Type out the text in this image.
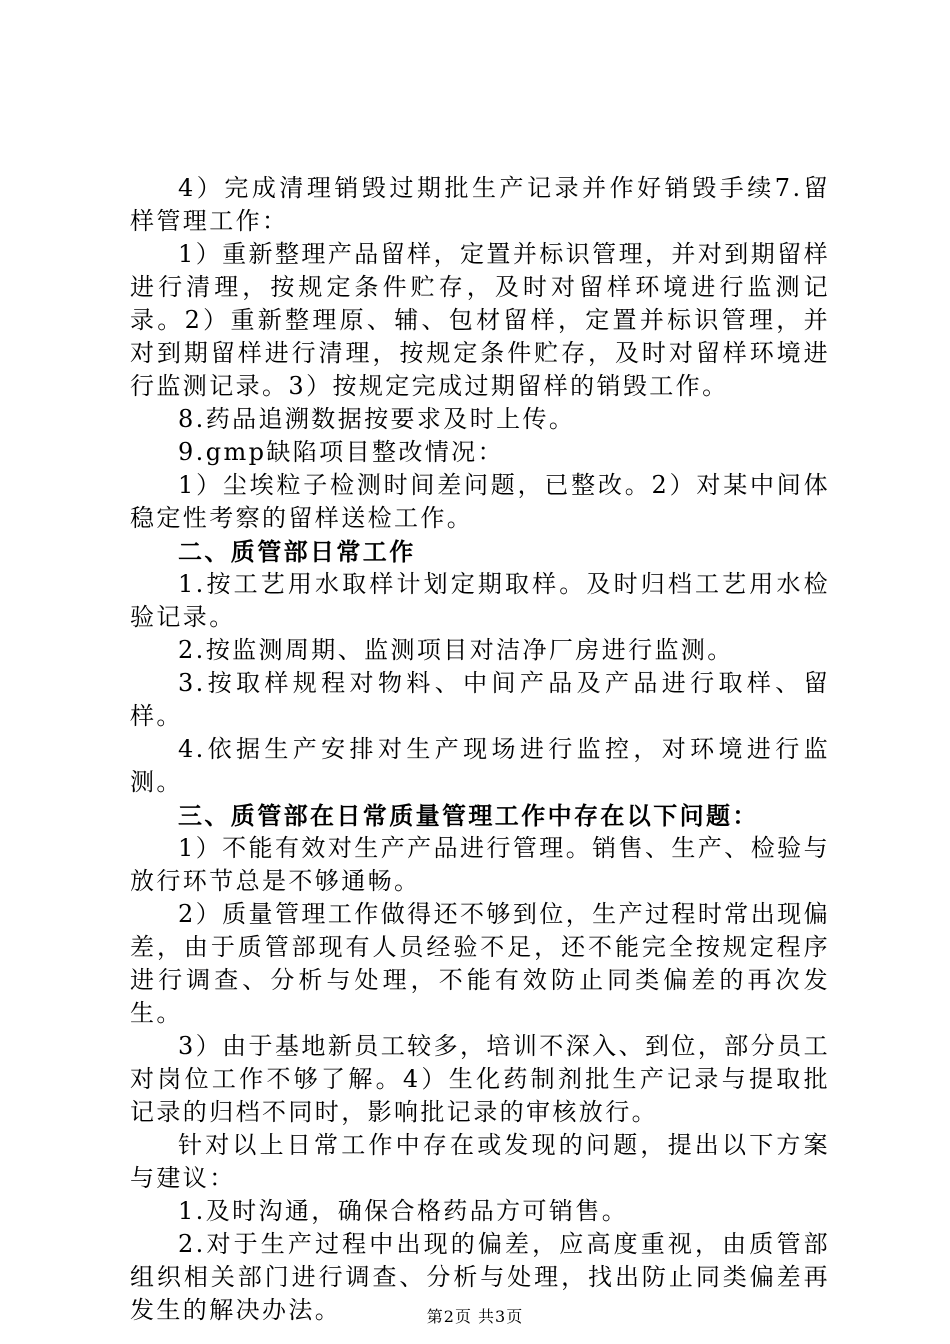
4）完成清理销毁过期批生产记录并作好销毁手续7.留样管理工作：

1）重新整理产品留样，定置并标识管理，并对到期留样进行清理，按规定条件贮存，及时对留样环境进行监测记录。2）重新整理原、辅、包材留样，定置并标识管理，并对到期留样进行清理，按规定条件贮存，及时对留样环境进行监测记录。3）按规定完成过期留样的销毁工作。

8.药品追溯数据按要求及时上传。

9.gmp缺陷项目整改情况：

1）尘埃粒子检测时间差问题，已整改。2）对某中间体稳定性考察的留样送检工作。

二、质管部日常工作

1.按工艺用水取样计划定期取样。及时归档工艺用水检验记录。

2.按监测周期、监测项目对洁净厂房进行监测。

3.按取样规程对物料、中间产品及产品进行取样、留样。

4.依据生产安排对生产现场进行监控，对环境进行监测。

三、质管部在日常质量管理工作中存在以下问题：

1）不能有效对生产产品进行管理。销售、生产、检验与放行环节总是不够通畅。

2）质量管理工作做得还不够到位，生产过程时常出现偏差，由于质管部现有人员经验不足，还不能完全按规定程序进行调查、分析与处理，不能有效防止同类偏差的再次发生。

3）由于基地新员工较多，培训不深入、到位，部分员工对岗位工作不够了解。4）生化药制剂批生产记录与提取批记录的归档不同时，影响批记录的审核放行。

针对以上日常工作中存在或发现的问题，提出以下方案与建议：

1.及时沟通，确保合格药品方可销售。

2.对于生产过程中出现的偏差，应高度重视，由质管部组织相关部门进行调查、分析与处理，找出防止同类偏差再发生的解决办法。	第2页 共3页
